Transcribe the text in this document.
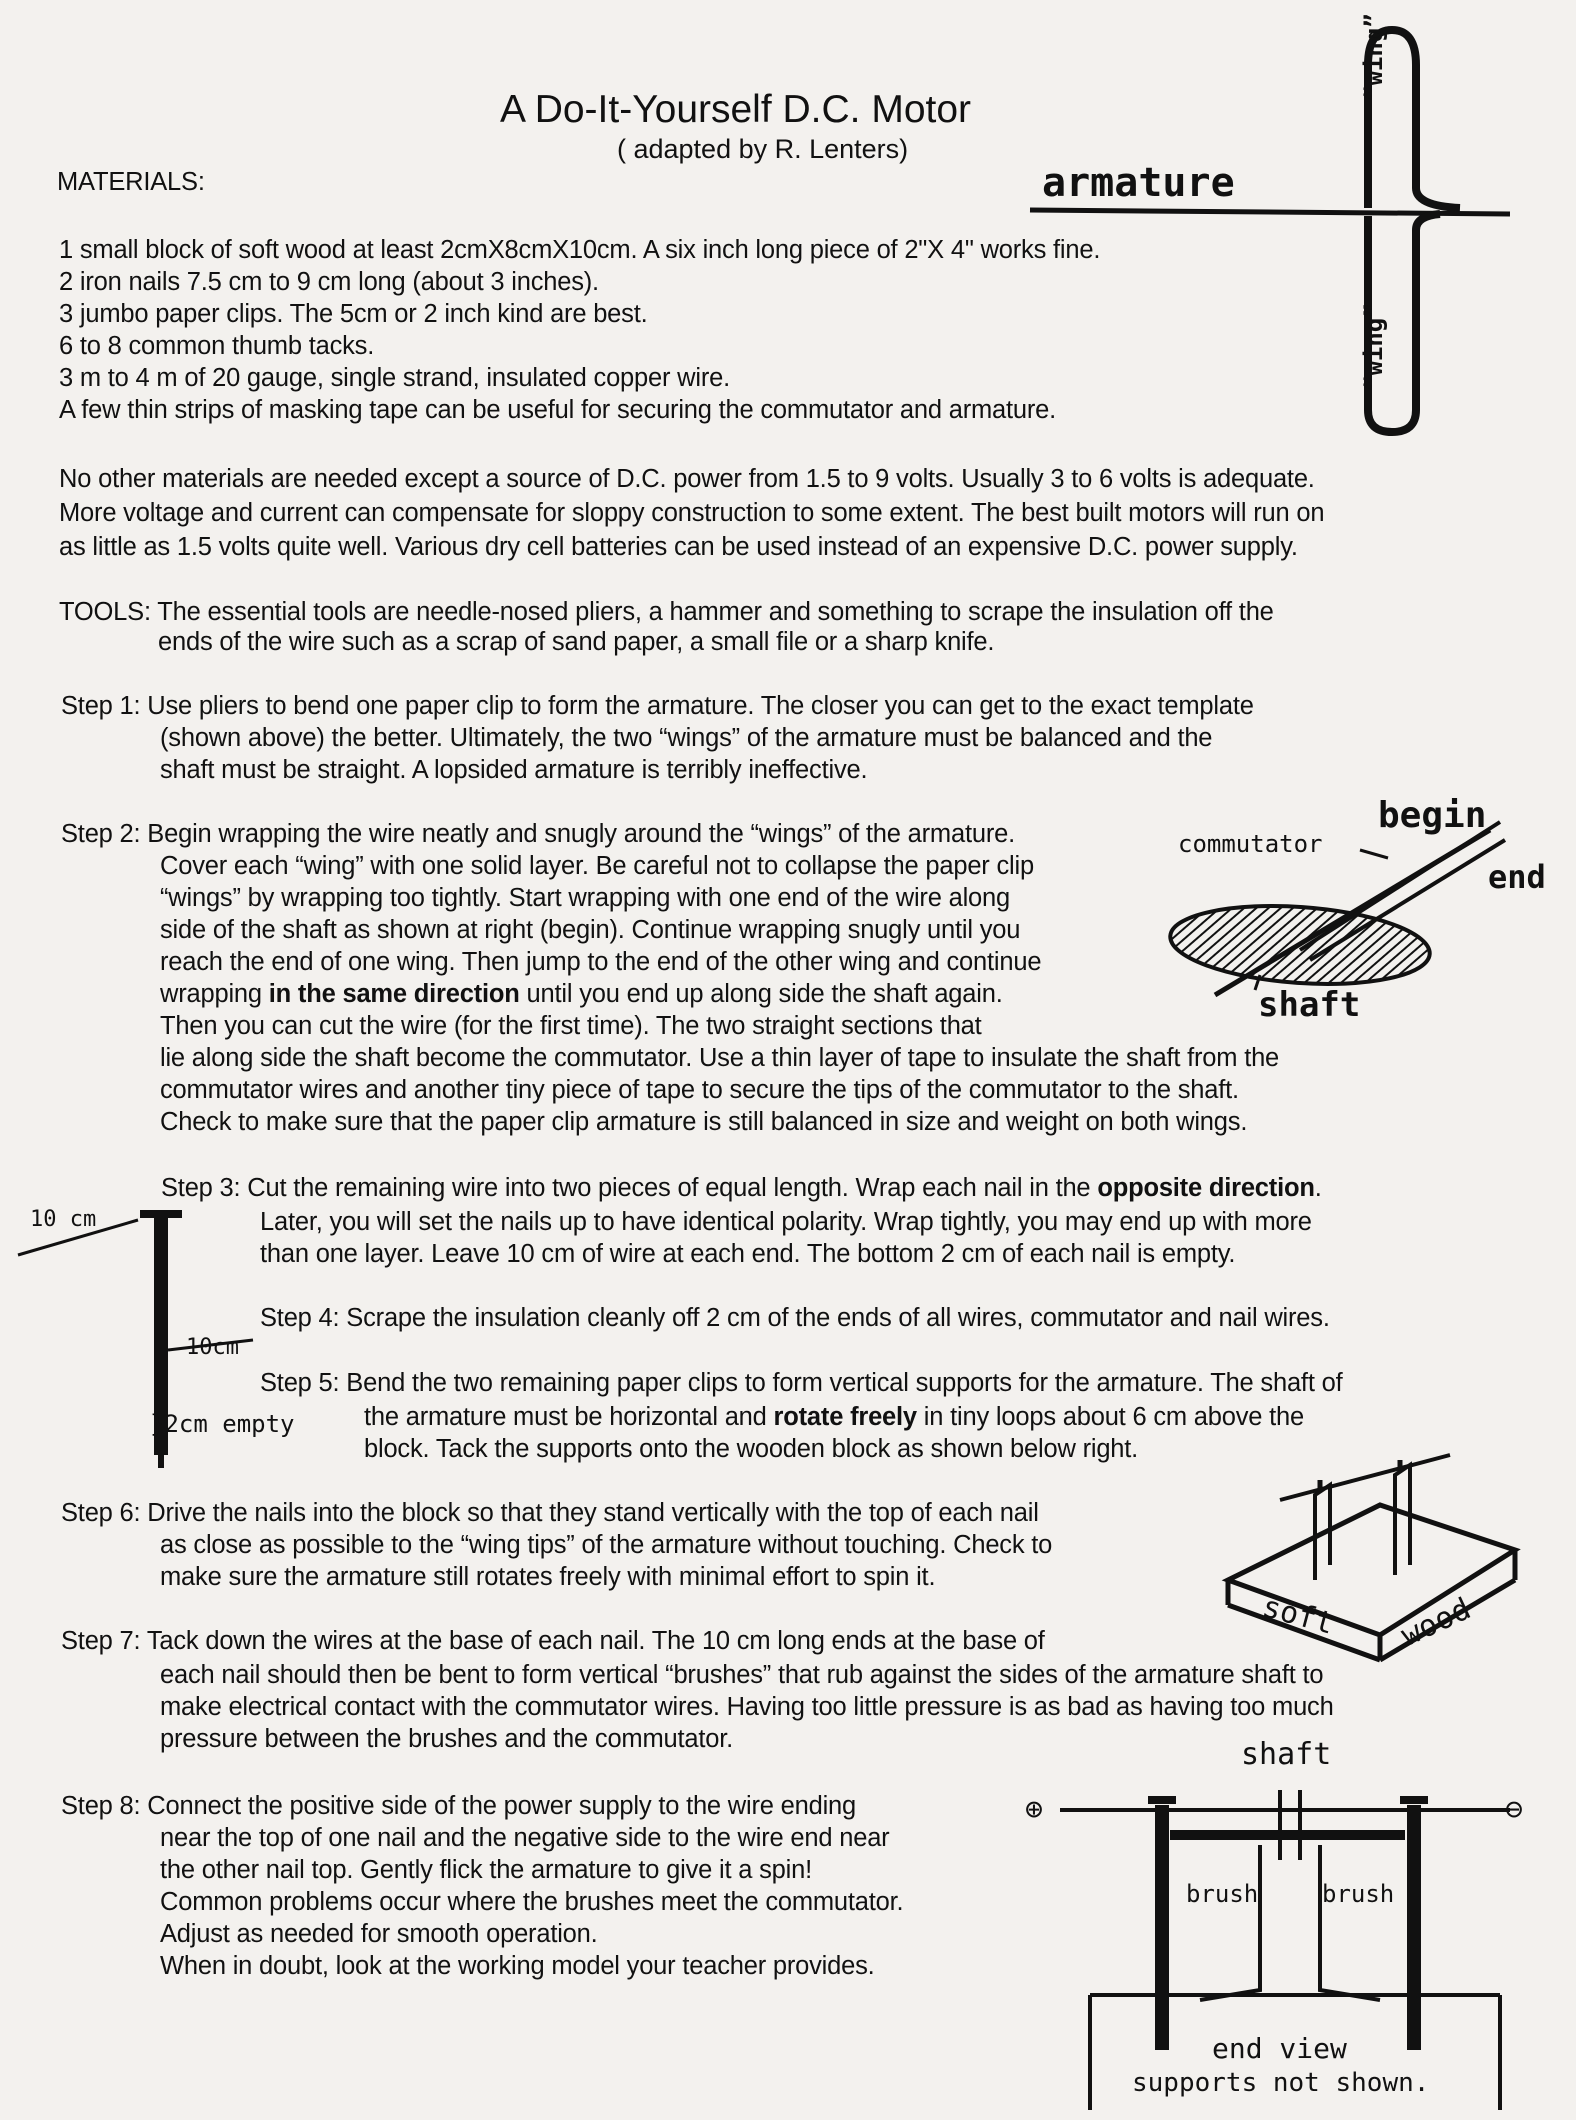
A Do-It-Yourself D.C. Motor
( adapted by R. Lenters)
MATERIALS:
1 small block of soft wood at least 2cmX8cmX10cm. A six inch long piece of 2"X 4" works fine.
2 iron nails 7.5 cm to 9 cm long (about 3 inches).
3 jumbo paper clips. The 5cm or 2 inch kind are best.
6 to 8 common thumb tacks.
3 m to 4 m of 20 gauge, single strand, insulated copper wire.
A few thin strips of masking tape can be useful for securing the commutator and armature.
No other materials are needed except a source of D.C. power from 1.5 to 9 volts. Usually 3 to 6 volts is adequate.
More voltage and current can compensate for sloppy construction to some extent. The best built motors will run on
as little as 1.5 volts quite well. Various dry cell batteries can be used instead of an expensive D.C. power supply.
TOOLS: The essential tools are needle-nosed pliers, a hammer and something to scrape the insulation off the
ends of the wire such as a scrap of sand paper, a small file or a sharp knife.
Step 1: Use pliers to bend one paper clip to form the armature. The closer you can get to the exact template
(shown above) the better. Ultimately, the two “wings” of the armature must be balanced and the
shaft must be straight. A lopsided armature is terribly ineffective.
Step 2: Begin wrapping the wire neatly and snugly around the “wings” of the armature.
Cover each “wing” with one solid layer. Be careful not to collapse the paper clip
“wings” by wrapping too tightly. Start wrapping with one end of the wire along
side of the shaft as shown at right (begin). Continue wrapping snugly until you
reach the end of one wing. Then jump to the end of the other wing and continue
wrapping in the same direction until you end up along side the shaft again.
Then you can cut the wire (for the first time). The two straight sections that
lie along side the shaft become the commutator. Use a thin layer of tape to insulate the shaft from the
commutator wires and another tiny piece of tape to secure the tips of the commutator to the shaft.
Check to make sure that the paper clip armature is still balanced in size and weight on both wings.
Step 3: Cut the remaining wire into two pieces of equal length. Wrap each nail in the opposite direction.
Later, you will set the nails up to have identical polarity. Wrap tightly, you may end up with more
than one layer. Leave 10 cm of wire at each end. The bottom 2 cm of each nail is empty.
Step 4: Scrape the insulation cleanly off 2 cm of the ends of all wires, commutator and nail wires.
Step 5: Bend the two remaining paper clips to form vertical supports for the armature. The shaft of
the armature must be horizontal and rotate freely in tiny loops about 6 cm above the
block. Tack the supports onto the wooden block as shown below right.
Step 6: Drive the nails into the block so that they stand vertically with the top of each nail
as close as possible to the “wing tips” of the armature without touching. Check to
make sure the armature still rotates freely with minimal effort to spin it.
Step 7: Tack down the wires at the base of each nail. The 10 cm long ends at the base of
each nail should then be bent to form vertical “brushes” that rub against the sides of the armature shaft to
make electrical contact with the commutator wires. Having too little pressure is as bad as having too much
pressure between the brushes and the commutator.
Step 8: Connect the positive side of the power supply to the wire ending
near the top of one nail and the negative side to the wire end near
the other nail top. Gently flick the armature to give it a spin!
Common problems occur where the brushes meet the commutator.
Adjust as needed for smooth operation.
When in doubt, look at the working model your teacher provides.
armature
“wing”
“wing”
commutator
begin
end
shaft
10 cm
10cm
}2cm empty
soft wood
shaft
⊕	⊖
brush	brush
end view
supports not shown.
